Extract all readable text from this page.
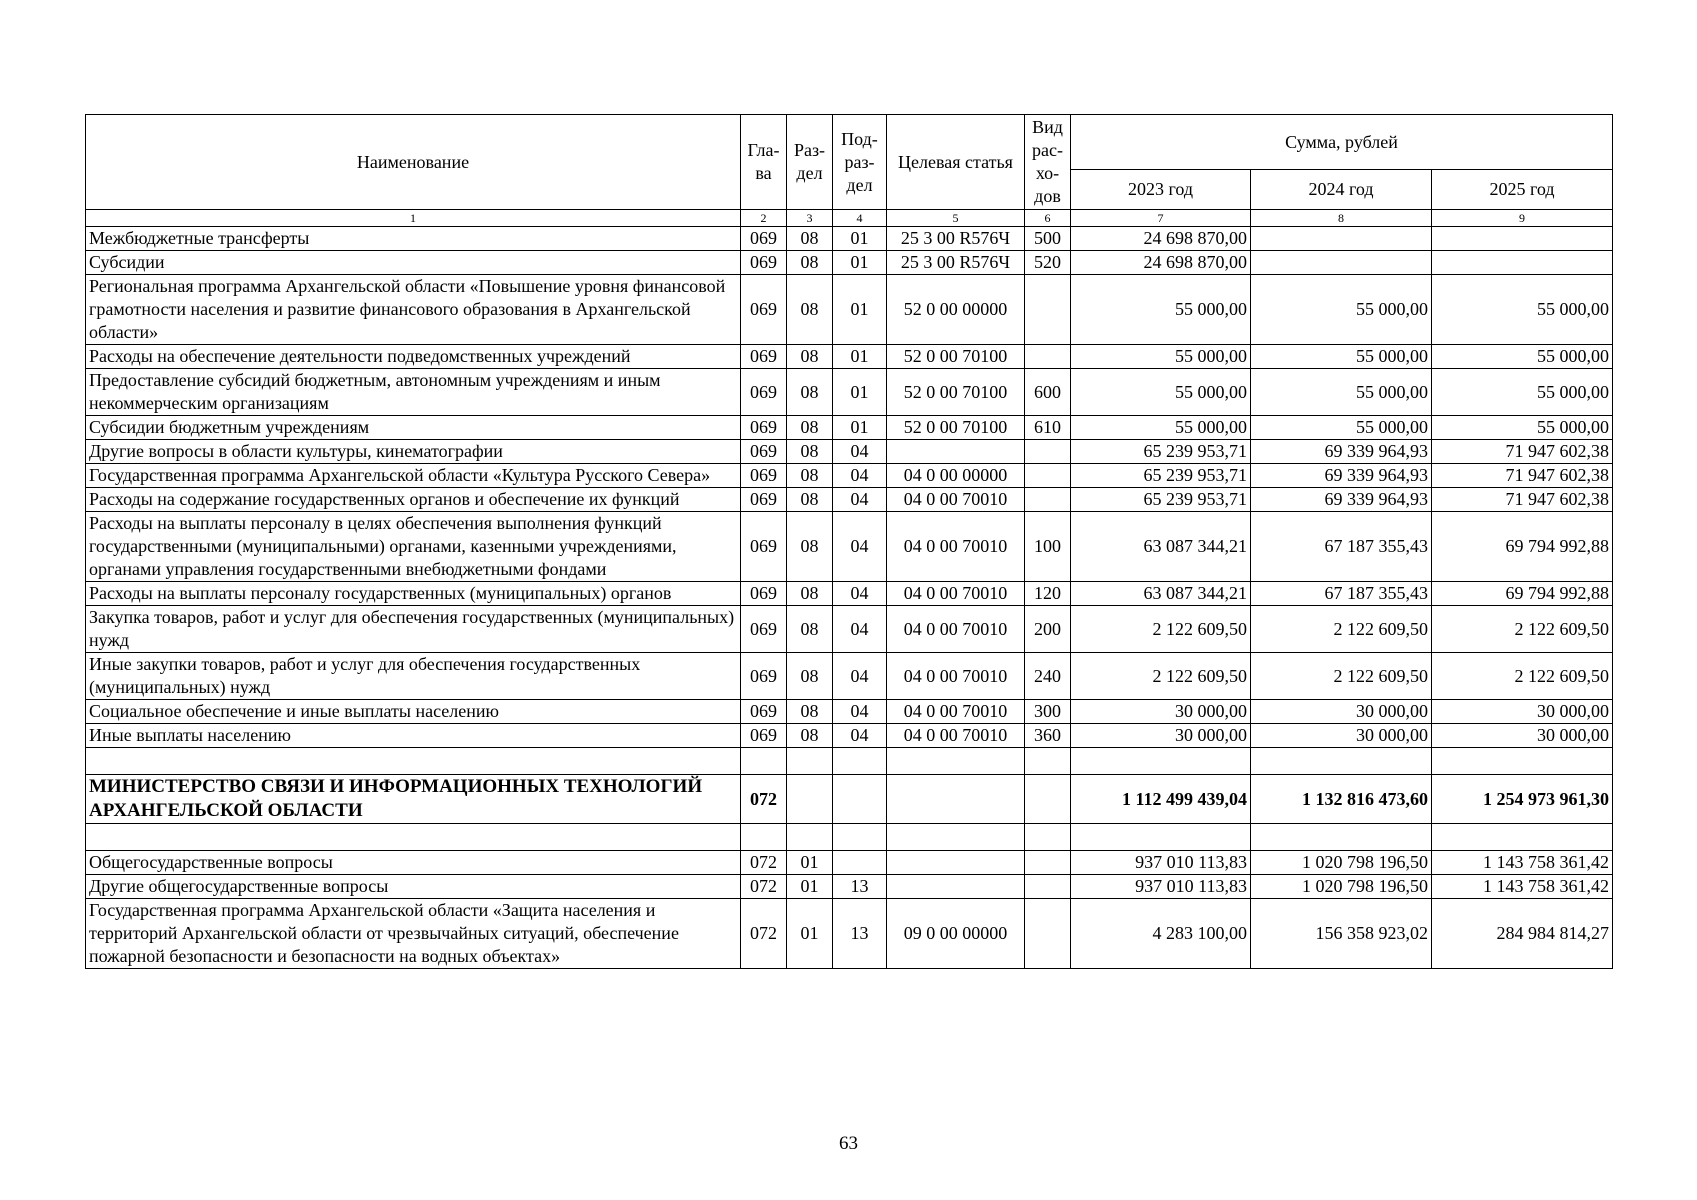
Наименование	Гла-ва	Раз-дел	Под-раз-дел	Целевая статья	Вид рас-хо-дов	Сумма, рублей		
						2023 год	2024 год	2025 год
1	2	3	4	5	6	7	8	9
Межбюджетные трансферты	069	08	01	25 3 00 R576Ч	500	24 698 870,00		
Субсидии	069	08	01	25 3 00 R576Ч	520	24 698 870,00		
Региональная программа Архангельской области «Повышение уровня финансовой грамотности населения и развитие финансового образования в Архангельской области»	069	08	01	52 0 00 00000		55 000,00	55 000,00	55 000,00
Расходы на обеспечение деятельности подведомственных учреждений	069	08	01	52 0 00 70100		55 000,00	55 000,00	55 000,00
Предоставление субсидий бюджетным, автономным учреждениям и иным некоммерческим организациям	069	08	01	52 0 00 70100	600	55 000,00	55 000,00	55 000,00
Субсидии бюджетным учреждениям	069	08	01	52 0 00 70100	610	55 000,00	55 000,00	55 000,00
Другие вопросы в области культуры, кинематографии	069	08	04			65 239 953,71	69 339 964,93	71 947 602,38
Государственная программа Архангельской области «Культура Русского Севера»	069	08	04	04 0 00 00000		65 239 953,71	69 339 964,93	71 947 602,38
Расходы на содержание государственных органов и обеспечение их функций	069	08	04	04 0 00 70010		65 239 953,71	69 339 964,93	71 947 602,38
Расходы на выплаты персоналу в целях обеспечения выполнения функций государственными (муниципальными) органами, казенными учреждениями, органами управления государственными внебюджетными фондами	069	08	04	04 0 00 70010	100	63 087 344,21	67 187 355,43	69 794 992,88
Расходы на выплаты персоналу государственных (муниципальных) органов	069	08	04	04 0 00 70010	120	63 087 344,21	67 187 355,43	69 794 992,88
Закупка товаров, работ и услуг для обеспечения государственных (муниципальных) нужд	069	08	04	04 0 00 70010	200	2 122 609,50	2 122 609,50	2 122 609,50
Иные закупки товаров, работ и услуг для обеспечения государственных (муниципальных) нужд	069	08	04	04 0 00 70010	240	2 122 609,50	2 122 609,50	2 122 609,50
Социальное обеспечение и иные выплаты населению	069	08	04	04 0 00 70010	300	30 000,00	30 000,00	30 000,00
Иные выплаты населению	069	08	04	04 0 00 70010	360	30 000,00	30 000,00	30 000,00

МИНИСТЕРСТВО СВЯЗИ И ИНФОРМАЦИОННЫХ ТЕХНОЛОГИЙ АРХАНГЕЛЬСКОЙ ОБЛАСТИ	072					1 112 499 439,04	1 132 816 473,60	1 254 973 961,30

Общегосударственные вопросы	072	01				937 010 113,83	1 020 798 196,50	1 143 758 361,42
Другие общегосударственные вопросы	072	01	13			937 010 113,83	1 020 798 196,50	1 143 758 361,42
Государственная программа Архангельской области «Защита населения и территорий Архангельской области от чрезвычайных ситуаций, обеспечение пожарной безопасности и безопасности на водных объектах»	072	01	13	09 0 00 00000		4 283 100,00	156 358 923,02	284 984 814,27
63
